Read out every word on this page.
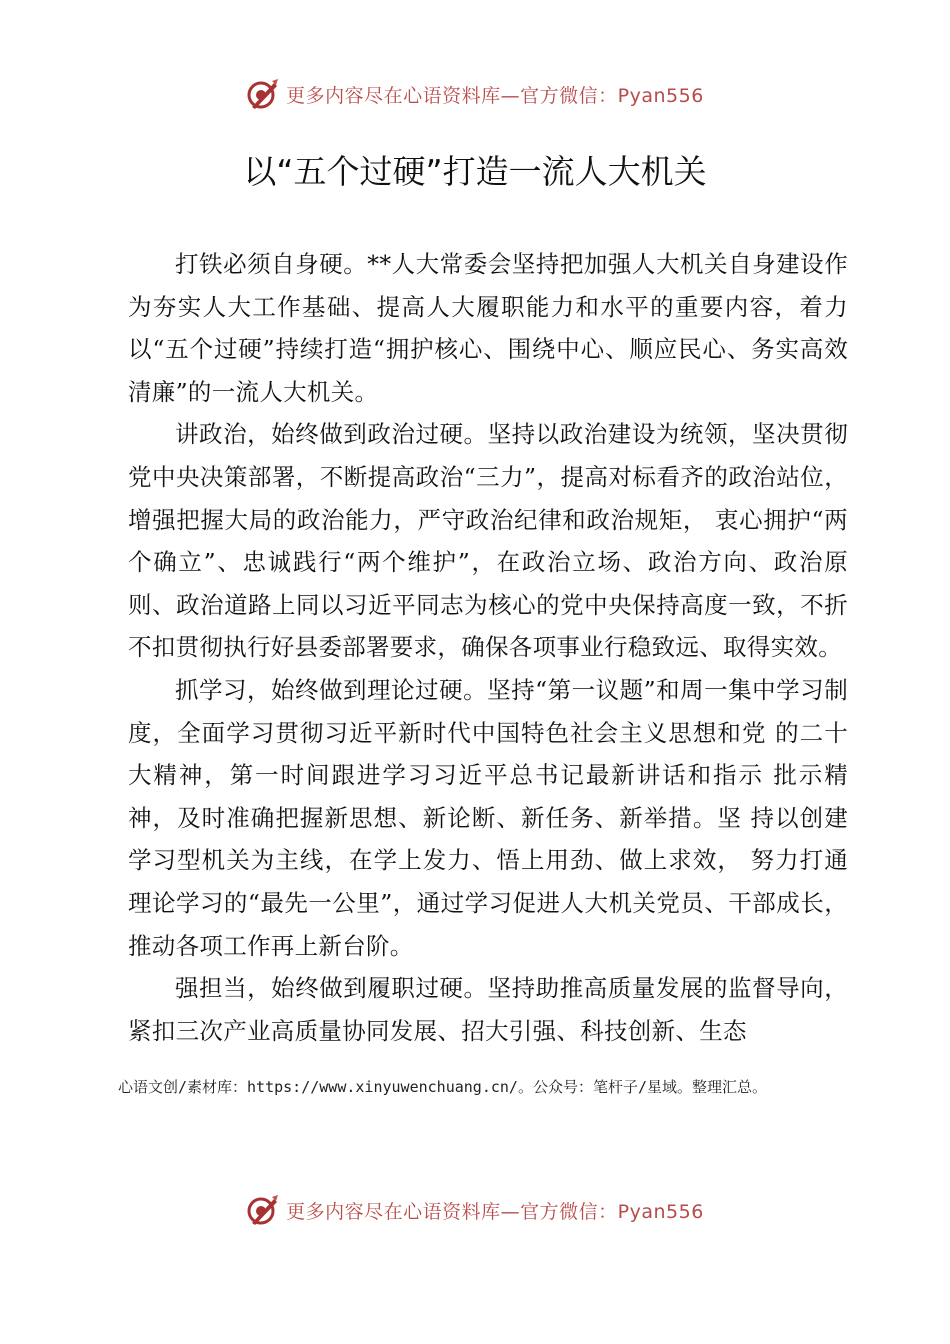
更多内容尽在心语资料库—官方微信：Pyan556
以“五个过硬”打造一流人大机关

打铁必须自身硬。**人大常委会坚持把加强人大机关自身建设作为夯实人大工作基础、提高人大履职能力和水平的重要内容，着力以“五个过硬”持续打造“拥护核心、围绕中心、顺应民心、务实高效清廉”的一流人大机关。

讲政治，始终做到政治过硬。坚持以政治建设为统领，坚决贯彻党中央决策部署，不断提高政治“三力”，提高对标看齐的政治站位，增强把握大局的政治能力，严守政治纪律和政治规矩， 衷心拥护“两个确立”、忠诚践行“两个维护”，在政治立场、政治方向、政治原则、政治道路上同以习近平同志为核心的党中央保持高度一致，不折不扣贯彻执行好县委部署要求，确保各项事业行稳致远、取得实效。

抓学习，始终做到理论过硬。坚持“第一议题”和周一集中学习制度，全面学习贯彻习近平新时代中国特色社会主义思想和党 的二十大精神，第一时间跟进学习习近平总书记最新讲话和指示 批示精神，及时准确把握新思想、新论断、新任务、新举措。坚 持以创建学习型机关为主线，在学上发力、悟上用劲、做上求效， 努力打通理论学习的“最先一公里”，通过学习促进人大机关党员、干部成长，推动各项工作再上新台阶。

强担当，始终做到履职过硬。坚持助推高质量发展的监督导向，紧扣三次产业高质量协同发展、招大引强、科技创新、生态

心语文创/素材库：https://www.xinyuwenchuang.cn/。公众号：笔杆子/星域。整理汇总。
更多内容尽在心语资料库—官方微信：Pyan556
